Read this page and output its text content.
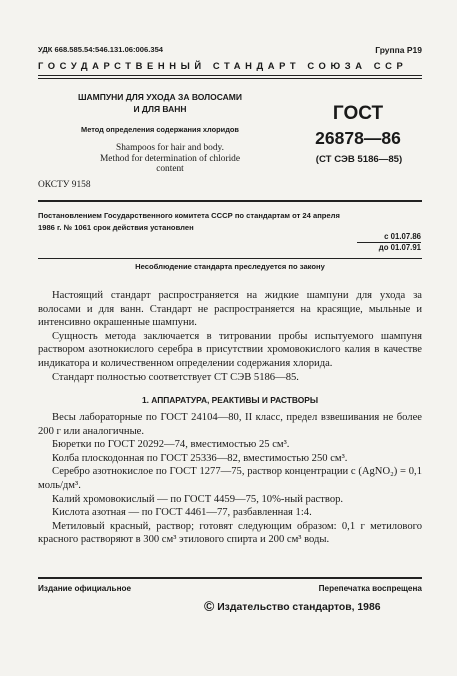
УДК 668.585.54:546.131.06:006.354	Группа Р19
ГОСУДАРСТВЕННЫЙ СТАНДАРТ СОЮЗА ССР
ШАМПУНИ ДЛЯ УХОДА ЗА ВОЛОСАМИ
И ДЛЯ ВАНН
Метод определения содержания хлоридов
Shampoos for hair and body.
Method for determination of chloride
content
ГОСТ
26878—86
(СТ СЭВ 5186—85)
ОКСТУ 9158
Постановлением Государственного комитета СССР по стандартам от 24 апреля
1986 г. № 1061 срок действия установлен
с 01.07.86
до 01.07.91
Несоблюдение стандарта преследуется по закону

Настоящий стандарт распространяется на жидкие шампуни для ухода за волосами и для ванн. Стандарт не распространяется на красящие, мыльные и интенсивно окрашенные шампуни.

Сущность метода заключается в титровании пробы испытуемого шампуня раствором азотнокислого серебра в присутствии хромовокислого калия в качестве индикатора и количественном определении содержания хлорида.

Стандарт полностью соответствует СТ СЭВ 5186—85.

1. АППАРАТУРА, РЕАКТИВЫ И РАСТВОРЫ

Весы лабораторные по ГОСТ 24104—80, II класс, предел взвешивания не более 200 г или аналогичные.

Бюретки по ГОСТ 20292—74, вместимостью 25 см³.

Колба плоскодонная по ГОСТ 25336—82, вместимостью 250 см³.

Серебро азотнокислое по ГОСТ 1277—75, раствор концентрации c (AgNO₂) = 0,1 моль/дм³.

Калий хромовокислый — по ГОСТ 4459—75, 10%-ный раствор.

Кислота азотная — по ГОСТ 4461—77, разбавленная 1:4.

Метиловый красный, раствор; готовят следующим образом: 0,1 г метилового красного растворяют в 300 см³ этилового спирта и 200 см³ воды.

Издание официальное	Перепечатка воспрещена
© Издательство стандартов, 1986
